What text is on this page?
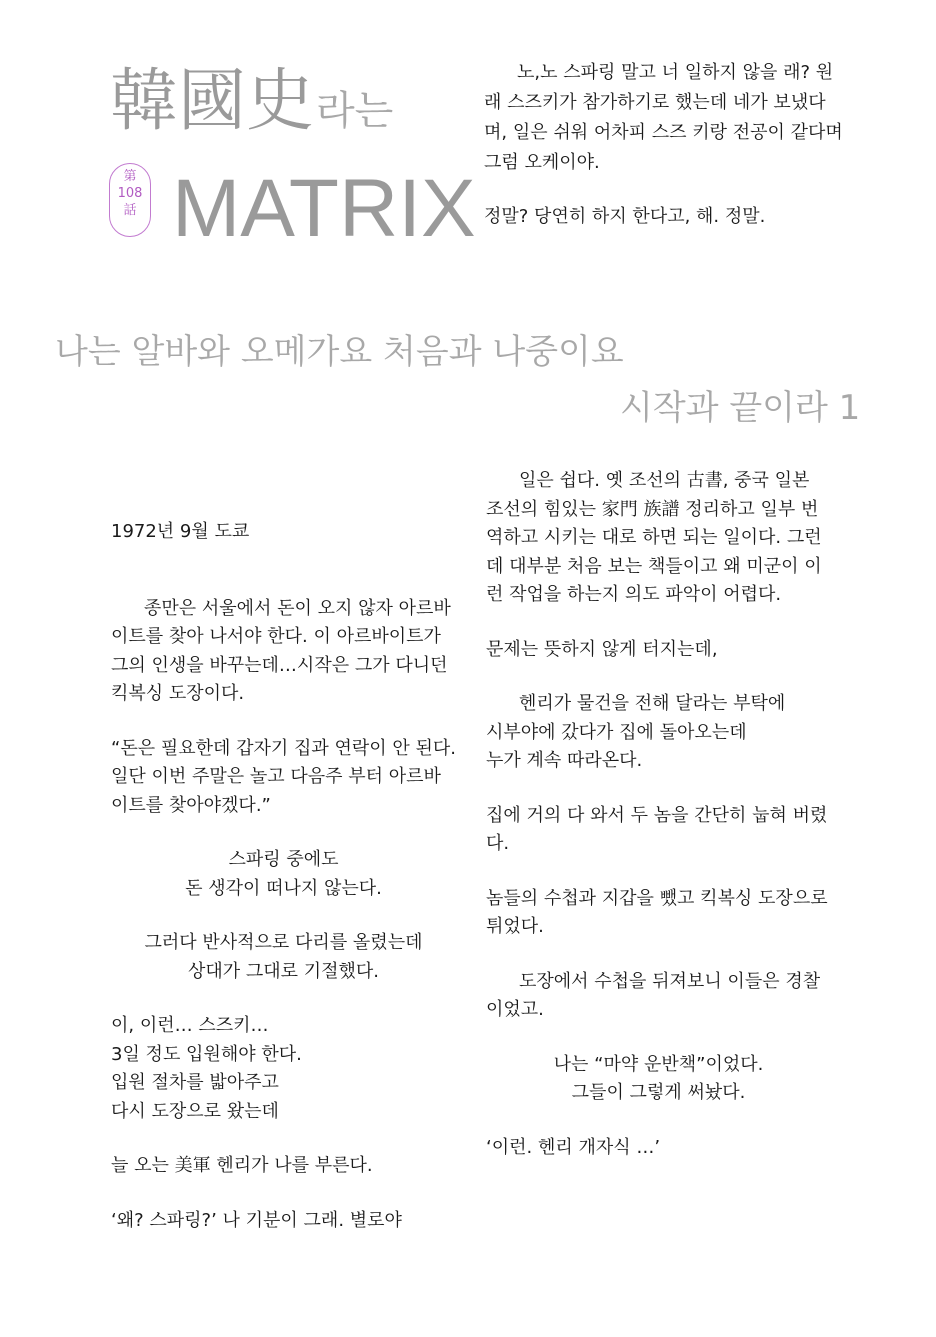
韓國史라는
第
108
話 MATRIX

노,노 스파링 말고 너 일하지 않을 래? 원래 스즈키가 참가하기로 했는데 네가 보냈다며, 일은 쉬워 어차피 스즈 키랑 전공이 같다며 그럼 오케이야.

정말? 당연히 하지 한다고, 해. 정말.

나는 알바와 오메가요 처음과 나중이요
시작과 끝이라 1

1972년 9월 도쿄

종만은 서울에서 돈이 오지 않자 아르바이트를 찾아 나서야 한다. 이 아르바이트가 그의 인생을 바꾸는데…시작은 그가 다니던 킥복싱 도장이다.

“돈은 필요한데 갑자기 집과 연락이 안 된다. 일단 이번 주말은 놀고 다음주 부터 아르바이트를 찾아야겠다.”

스파링 중에도

돈 생각이 떠나지 않는다.

그러다 반사적으로 다리를 올렸는데

상대가 그대로 기절했다.

이, 이런… 스즈키…

3일 정도 입원해야 한다.

입원 절차를 밟아주고

다시 도장으로 왔는데

늘 오는 美軍 헨리가 나를 부른다.

‘왜? 스파링?’ 나 기분이 그래. 별로야

일은 쉽다. 옛 조선의 古書, 중국 일본 조선의 힘있는 家門 族譜 정리하고 일부 번역하고 시키는 대로 하면 되는 일이다. 그런데 대부분 처음 보는 책들이고 왜 미군이 이런 작업을 하는지 의도 파악이 어렵다.

문제는 뜻하지 않게 터지는데,

헨리가 물건을 전해 달라는 부탁에

시부야에 갔다가 집에 돌아오는데

누가 계속 따라온다.

집에 거의 다 와서 두 놈을 간단히 눕혀 버렸다.

놈들의 수첩과 지갑을 뺐고 킥복싱 도장으로 튀었다.

도장에서 수첩을 뒤져보니 이들은 경찰이었고.

나는 “마약 운반책”이었다.

그들이 그렇게 써놨다.

‘이런. 헨리 개자식 …’
